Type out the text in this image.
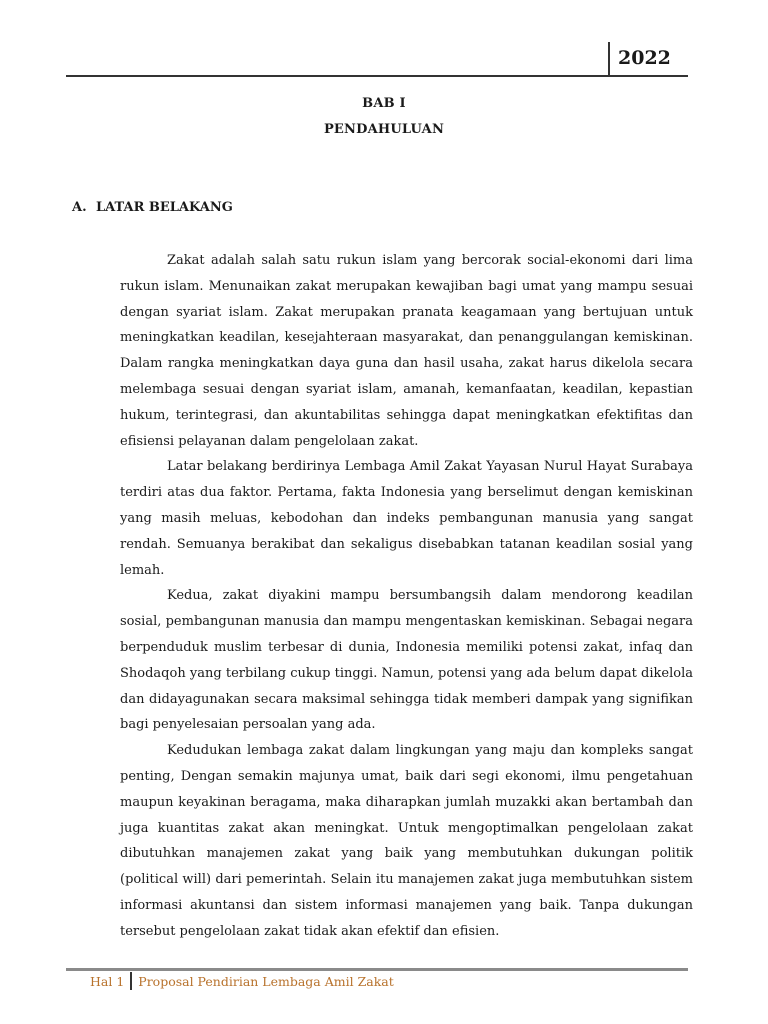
2022
BAB I
PENDAHULUAN
A. LATAR BELAKANG

Zakat adalah salah satu rukun islam yang bercorak social-ekonomi dari lima rukun islam. Menunaikan zakat merupakan kewajiban bagi umat yang mampu sesuai dengan syariat islam. Zakat merupakan pranata keagamaan yang bertujuan untuk meningkatkan keadilan, kesejahteraan masyarakat, dan penanggulangan kemiskinan. Dalam rangka meningkatkan daya guna dan hasil usaha, zakat harus dikelola secara melembaga sesuai dengan syariat islam, amanah, kemanfaatan, keadilan, kepastian hukum, terintegrasi, dan akuntabilitas sehingga dapat meningkatkan efektifitas dan efisiensi pelayanan dalam pengelolaan zakat.

Latar belakang berdirinya Lembaga Amil Zakat Yayasan Nurul Hayat Surabaya terdiri atas dua faktor. Pertama, fakta Indonesia yang berselimut dengan kemiskinan yang masih meluas, kebodohan dan indeks pembangunan manusia yang sangat rendah. Semuanya berakibat dan sekaligus disebabkan tatanan keadilan sosial yang lemah.

Kedua, zakat diyakini mampu bersumbangsih dalam mendorong keadilan sosial, pembangunan manusia dan mampu mengentaskan kemiskinan. Sebagai negara berpenduduk muslim terbesar di dunia, Indonesia memiliki potensi zakat, infaq dan Shodaqoh yang terbilang cukup tinggi. Namun, potensi yang ada belum dapat dikelola dan didayagunakan secara maksimal sehingga tidak memberi dampak yang signifikan bagi penyelesaian persoalan yang ada.

Kedudukan lembaga zakat dalam lingkungan yang maju dan kompleks sangat penting, Dengan semakin majunya umat, baik dari segi ekonomi, ilmu pengetahuan maupun keyakinan beragama, maka diharapkan jumlah muzakki akan bertambah dan juga kuantitas zakat akan meningkat. Untuk mengoptimalkan pengelolaan zakat dibutuhkan manajemen zakat yang baik yang membutuhkan dukungan politik (political will) dari pemerintah. Selain itu manajemen zakat juga membutuhkan sistem informasi akuntansi dan sistem informasi manajemen yang baik. Tanpa dukungan tersebut pengelolaan zakat tidak akan efektif dan efisien.

Hal 1 Proposal Pendirian Lembaga Amil Zakat
